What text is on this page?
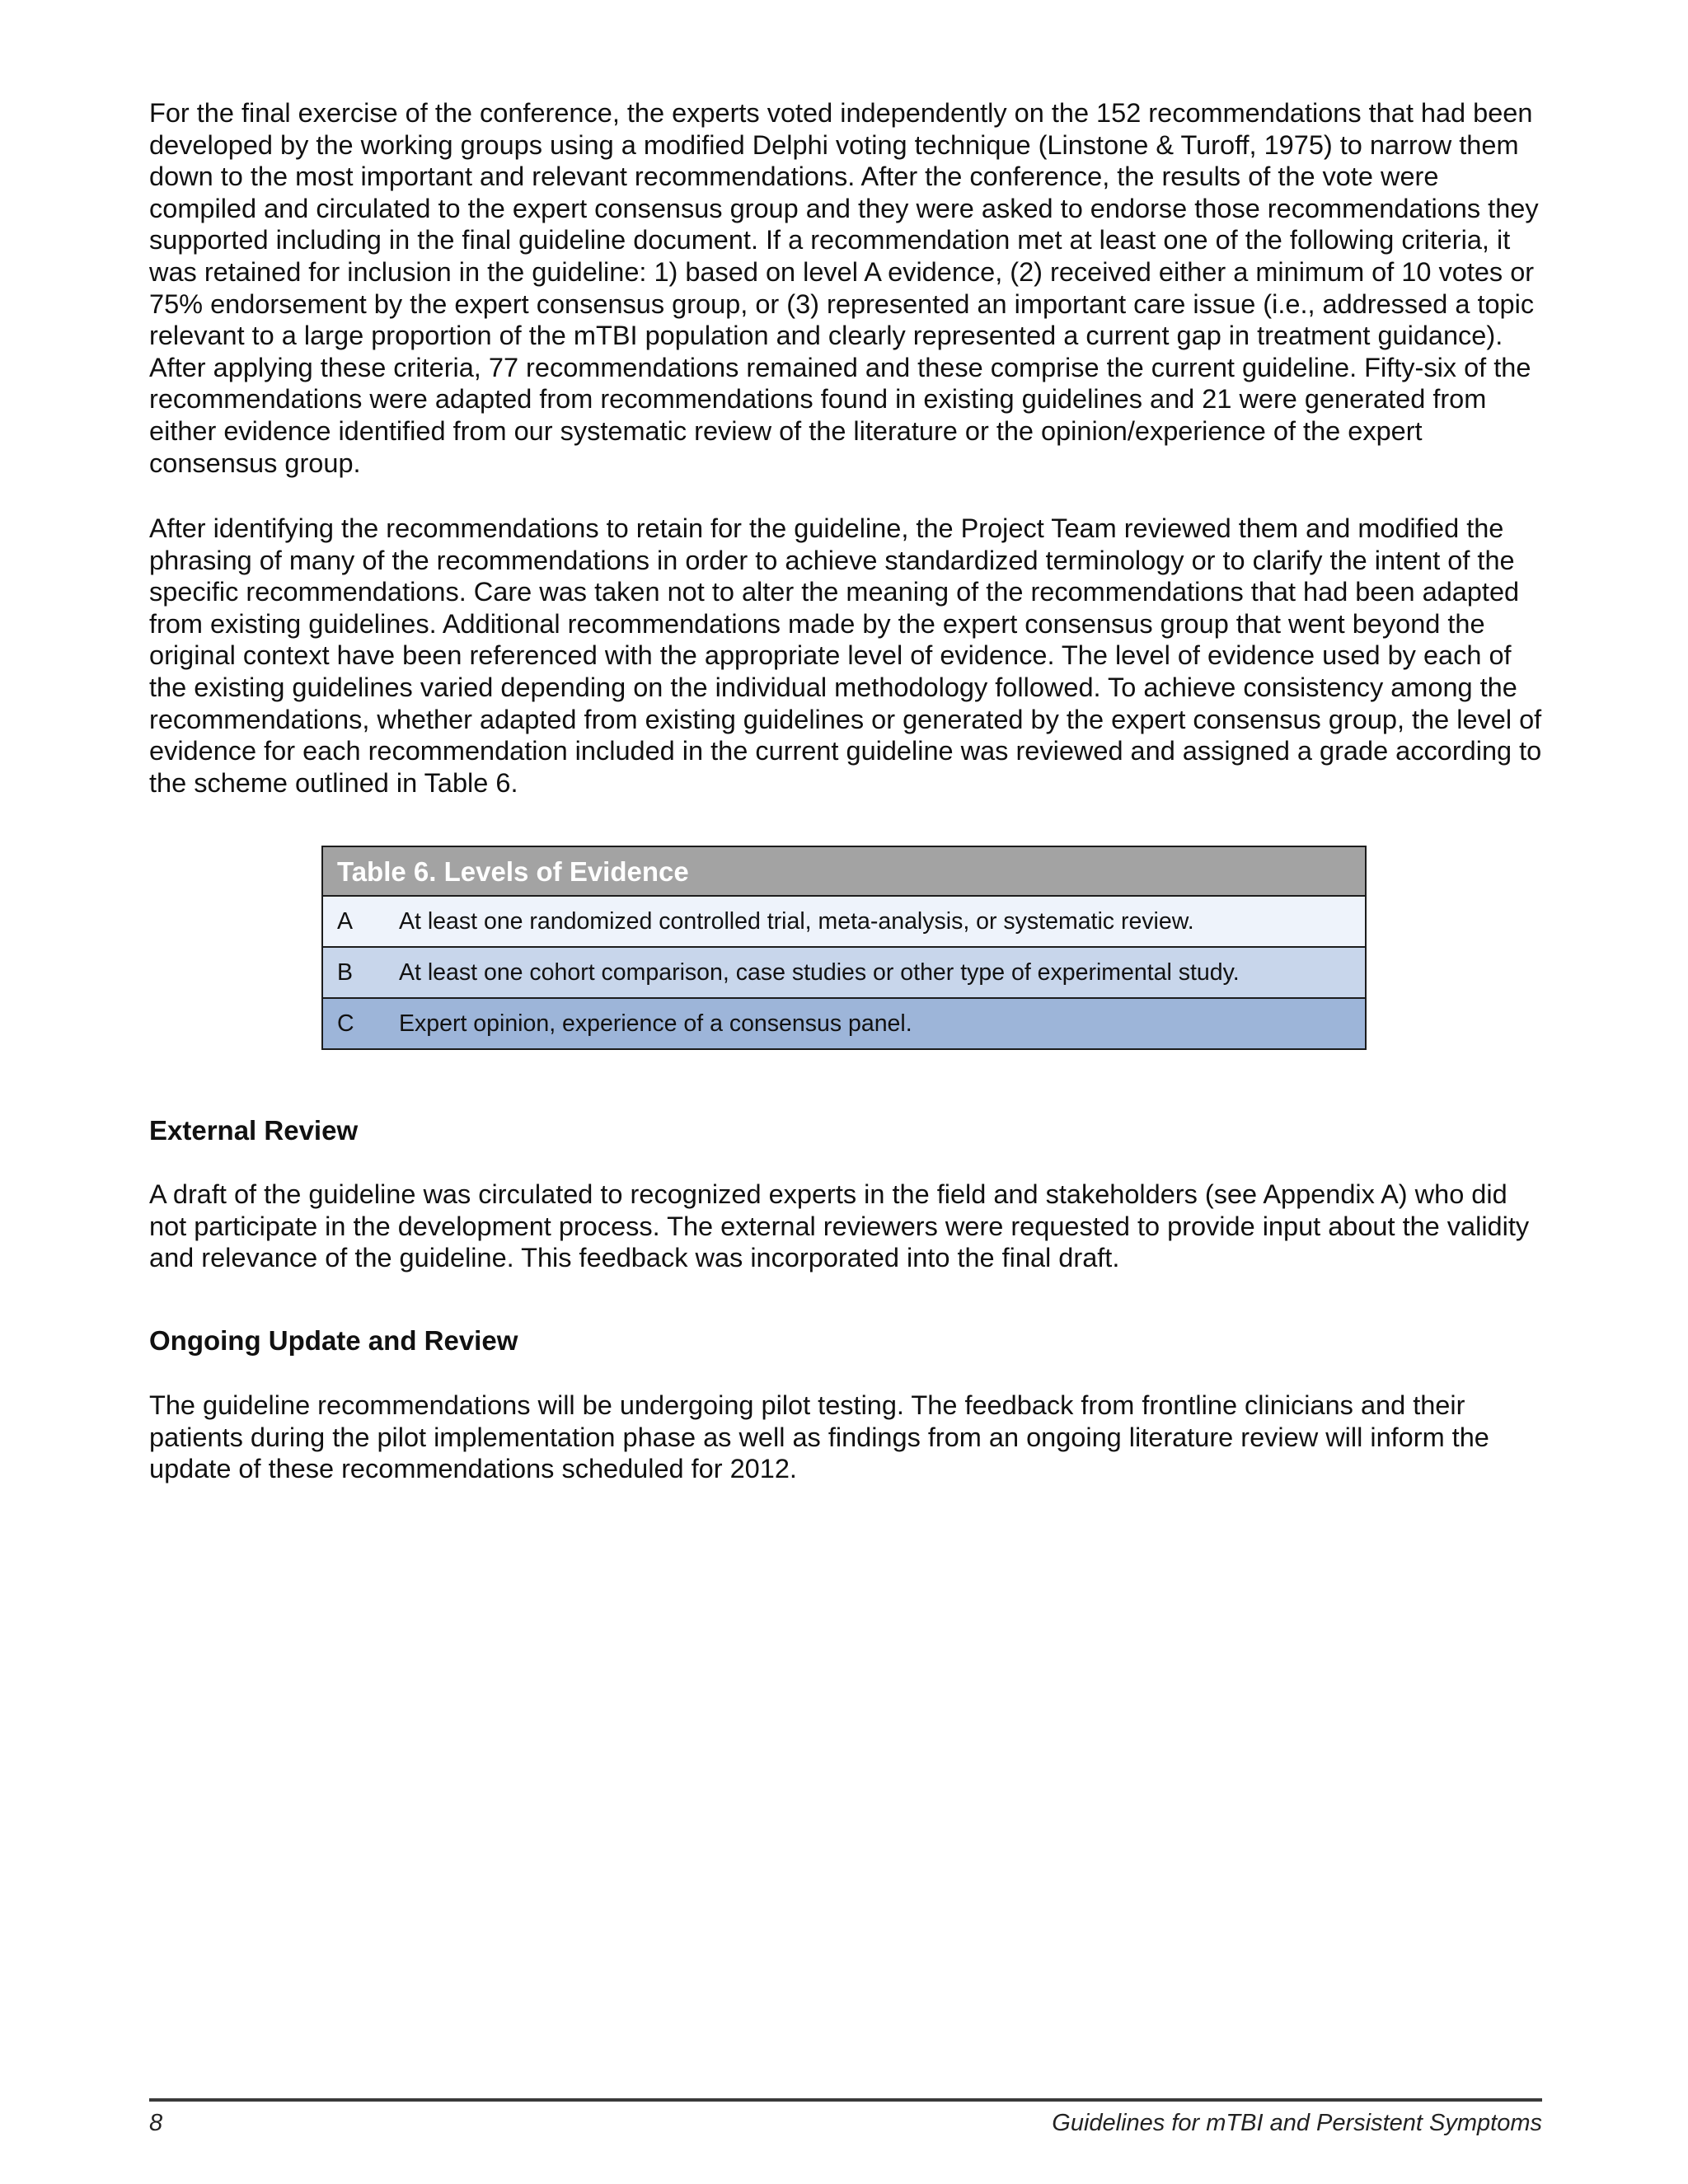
For the final exercise of the conference, the experts voted independently on the 152 recommendations that had been developed by the working groups using a modified Delphi voting technique (Linstone & Turoff, 1975) to narrow them down to the most important and relevant recommendations. After the conference, the results of the vote were compiled and circulated to the expert consensus group and they were asked to endorse those recommendations they supported including in the final guideline document. If a recommendation met at least one of the following criteria, it was retained for inclusion in the guideline: 1) based on level A evidence, (2) received either a minimum of 10 votes or 75% endorsement by the expert consensus group, or (3) represented an important care issue (i.e., addressed a topic relevant to a large proportion of the mTBI population and clearly represented a current gap in treatment guidance). After applying these criteria, 77 recommendations remained and these comprise the current guideline. Fifty-six of the recommendations were adapted from recommendations found in existing guidelines and 21 were generated from either evidence identified from our systematic review of the literature or the opinion/experience of the expert consensus group.

After identifying the recommendations to retain for the guideline, the Project Team reviewed them and modified the phrasing of many of the recommendations in order to achieve standardized terminology or to clarify the intent of the specific recommendations. Care was taken not to alter the meaning of the recommendations that had been adapted from existing guidelines. Additional recommendations made by the expert consensus group that went beyond the original context have been referenced with the appropriate level of evidence. The level of evidence used by each of the existing guidelines varied depending on the individual methodology followed. To achieve consistency among the recommendations, whether adapted from existing guidelines or generated by the expert consensus group, the level of evidence for each recommendation included in the current guideline was reviewed and assigned a grade according to the scheme outlined in Table 6.

Table 6. Levels of Evidence
A	At least one randomized controlled trial, meta-analysis, or systematic review.
B	At least one cohort comparison, case studies or other type of experimental study.
C	Expert opinion, experience of a consensus panel.
External Review

A draft of the guideline was circulated to recognized experts in the field and stakeholders (see Appendix A) who did not participate in the development process. The external reviewers were requested to provide input about the validity and relevance of the guideline. This feedback was incorporated into the final draft.

Ongoing Update and Review

The guideline recommendations will be undergoing pilot testing. The feedback from frontline clinicians and their patients during the pilot implementation phase as well as findings from an ongoing literature review will inform the update of these recommendations scheduled for 2012.

8	Guidelines for mTBI and Persistent Symptoms
